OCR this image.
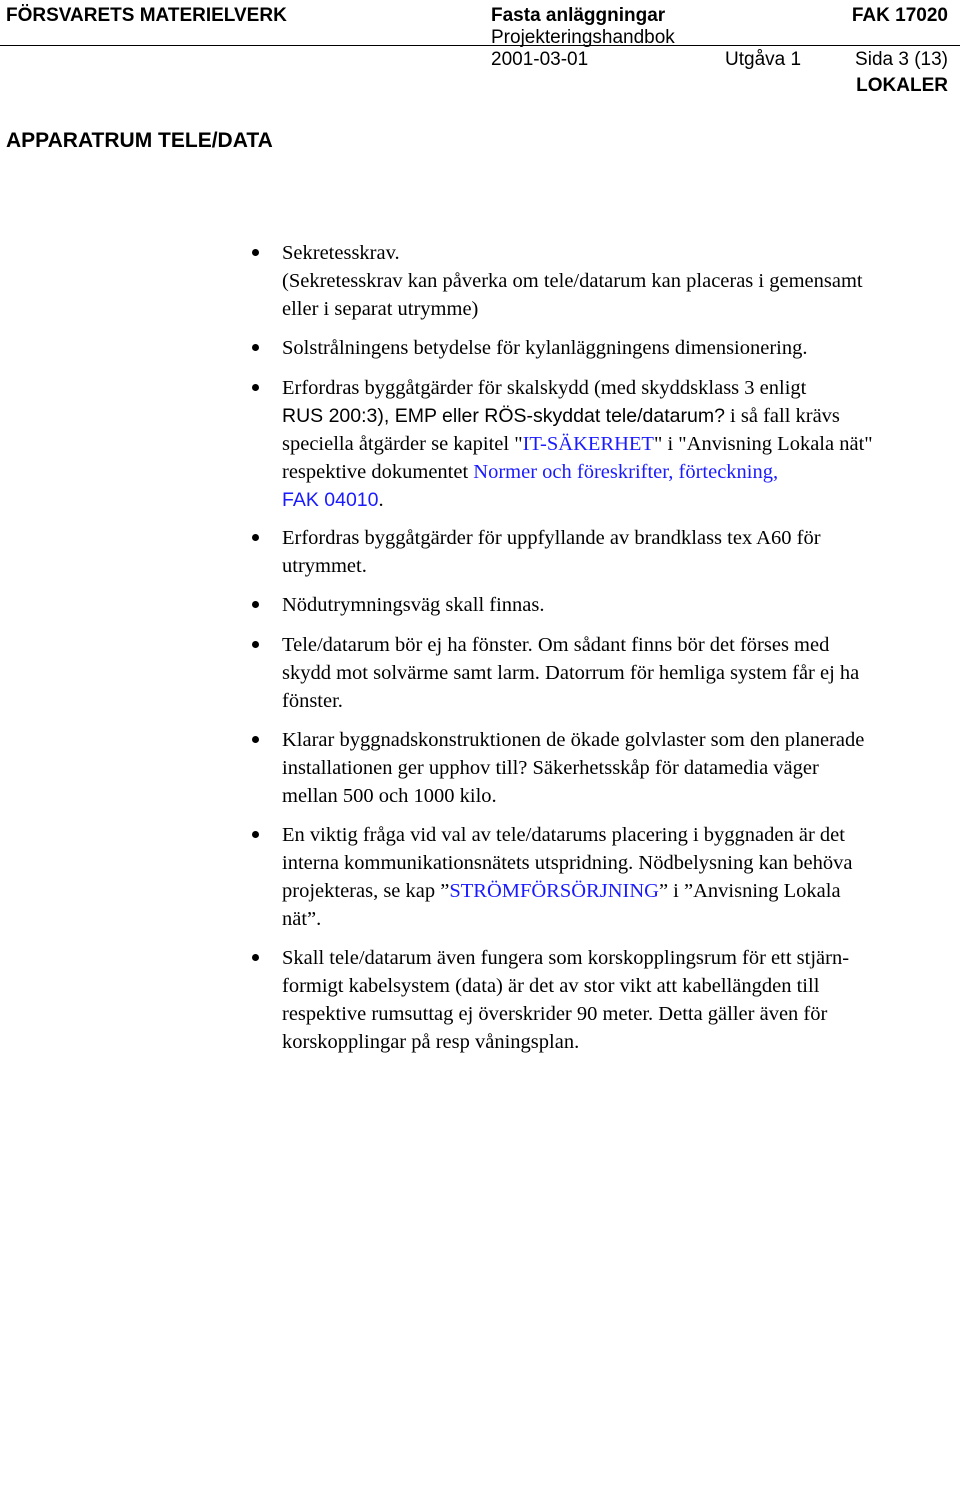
FÖRSVARETS MATERIELVERK	Fasta anläggningar	FAK 17020
Projekteringshandbok
2001-03-01	Utgåva 1	Sida 3 (13)
LOKALER
APPARATRUM TELE/DATA
Sekretesskrav.
(Sekretesskrav kan påverka om tele/datarum kan placeras i gemensamt
eller i separat utrymme)
Solstrålningens betydelse för kylanläggningens dimensionering.
Erfordras byggåtgärder för skalskydd (med skyddsklass 3 enligt
RUS 200:3), EMP eller RÖS-skyddat tele/datarum? i så fall krävs
speciella åtgärder se kapitel "IT-SÄKERHET" i "Anvisning Lokala nät"
respektive dokumentet Normer och föreskrifter, förteckning,
FAK 04010.
Erfordras byggåtgärder för uppfyllande av brandklass tex A60 för
utrymmet.
Nödutrymningsväg skall finnas.
Tele/datarum bör ej ha fönster. Om sådant finns bör det förses med
skydd mot solvärme samt larm. Datorrum för hemliga system får ej ha
fönster.
Klarar byggnadskonstruktionen de ökade golvlaster som den planerade
installationen ger upphov till? Säkerhetsskåp för datamedia väger
mellan 500 och 1000 kilo.
En viktig fråga vid val av tele/datarums placering i byggnaden är det
interna kommunikationsnätets utspridning. Nödbelysning kan behöva
projekteras, se kap ”STRÖMFÖRSÖRJNING” i ”Anvisning Lokala
nät”.
Skall tele/datarum även fungera som korskopplingsrum för ett stjärn-
formigt kabelsystem (data) är det av stor vikt att kabellängden till
respektive rumsuttag ej överskrider 90 meter. Detta gäller även för
korskopplingar på resp våningsplan.
